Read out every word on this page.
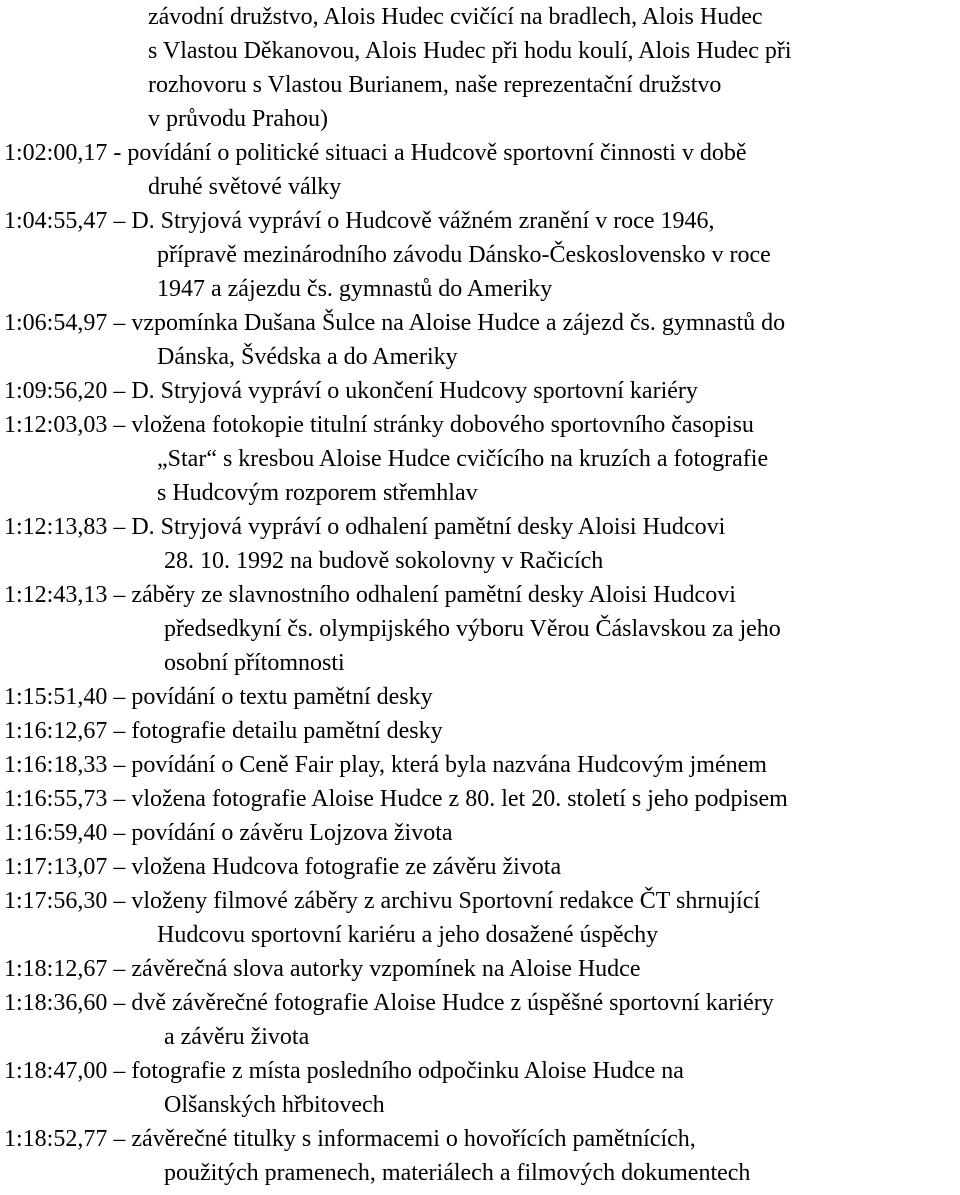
závodní družstvo, Alois Hudec cvičící na bradlech, Alois Hudec

s Vlastou Děkanovou, Alois Hudec při hodu koulí, Alois Hudec při

rozhovoru s Vlastou Burianem, naše reprezentační družstvo

v průvodu Prahou)

1:02:00,17 - povídání o politické situaci a Hudcově sportovní činnosti v době

druhé světové války

1:04:55,47 – D. Stryjová vypráví o Hudcově vážném zranění v roce 1946,

přípravě mezinárodního závodu Dánsko-Československo v roce

1947 a zájezdu čs. gymnastů do Ameriky

1:06:54,97 – vzpomínka Dušana Šulce na Aloise Hudce a zájezd čs. gymnastů do

Dánska, Švédska a do Ameriky

1:09:56,20 – D. Stryjová vypráví o ukončení Hudcovy sportovní kariéry

1:12:03,03 – vložena fotokopie titulní stránky dobového sportovního časopisu

„Star“ s kresbou Aloise Hudce cvičícího na kruzích a fotografie

s Hudcovým rozporem střemhlav

1:12:13,83 – D. Stryjová vypráví o odhalení pamětní desky Aloisi Hudcovi

28. 10. 1992 na budově sokolovny v Račicích

1:12:43,13 – záběry ze slavnostního odhalení pamětní desky Aloisi Hudcovi

předsedkyní čs. olympijského výboru Věrou Čáslavskou za jeho

osobní přítomnosti

1:15:51,40 – povídání o textu pamětní desky

1:16:12,67 – fotografie detailu pamětní desky

1:16:18,33 – povídání o Ceně Fair play, která byla nazvána Hudcovým jménem

1:16:55,73 – vložena fotografie Aloise Hudce z 80. let 20. století s jeho podpisem

1:16:59,40 – povídání o závěru Lojzova života

1:17:13,07 – vložena Hudcova fotografie ze závěru života

1:17:56,30 – vloženy filmové záběry z archivu Sportovní redakce ČT shrnující

Hudcovu sportovní kariéru a jeho dosažené úspěchy

1:18:12,67 – závěrečná slova autorky vzpomínek na Aloise Hudce

1:18:36,60 – dvě závěrečné fotografie Aloise Hudce z úspěšné sportovní kariéry

a závěru života

1:18:47,00 – fotografie z místa posledního odpočinku Aloise Hudce na

Olšanských hřbitovech

1:18:52,77 – závěrečné titulky s informacemi o hovořících pamětnících,

použitých pramenech, materiálech a filmových dokumentech
